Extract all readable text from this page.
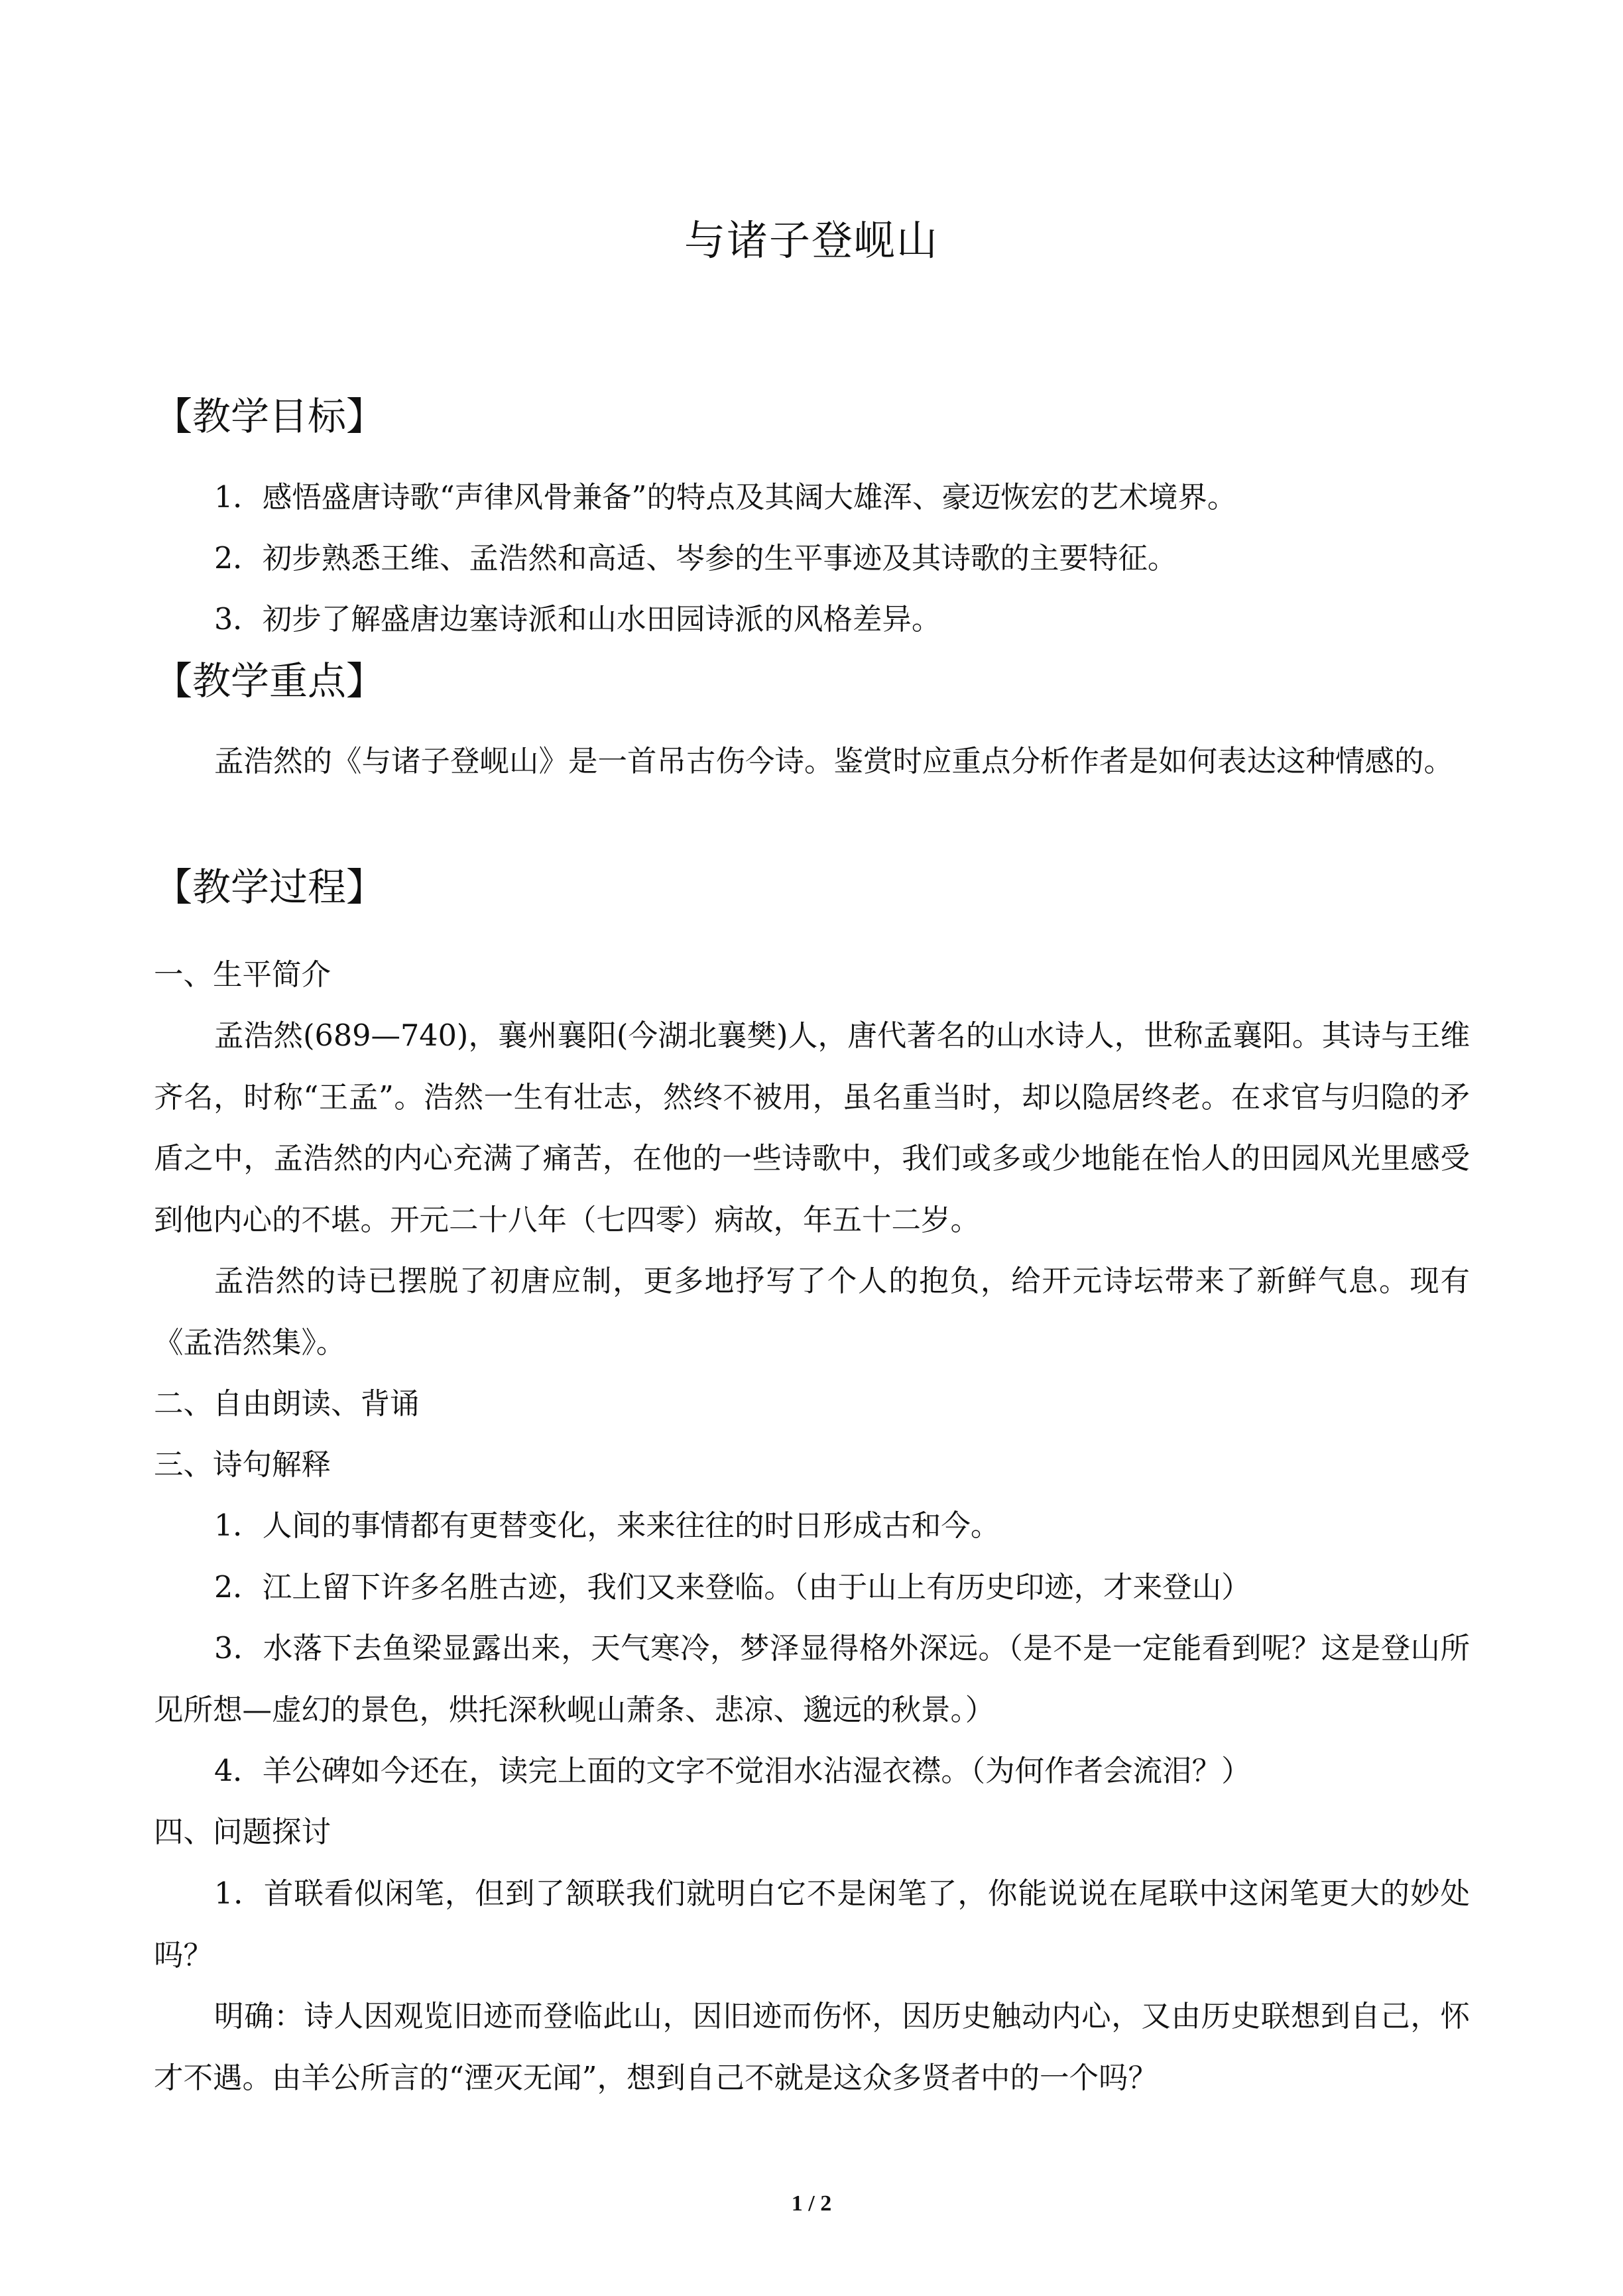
与诸子登岘山
【教学目标】

1．感悟盛唐诗歌“声律风骨兼备”的特点及其阔大雄浑、豪迈恢宏的艺术境界。

2．初步熟悉王维、孟浩然和高适、岑参的生平事迹及其诗歌的主要特征。

3．初步了解盛唐边塞诗派和山水田园诗派的风格差异。

【教学重点】

孟浩然的《与诸子登岘山》是一首吊古伤今诗。鉴赏时应重点分析作者是如何表达这种情感的。

【教学过程】

一、生平简介

孟浩然(689—740)，襄州襄阳(今湖北襄樊)人，唐代著名的山水诗人，世称孟襄阳。其诗与王维齐名，时称“王孟”。浩然一生有壮志，然终不被用，虽名重当时，却以隐居终老。在求官与归隐的矛盾之中，孟浩然的内心充满了痛苦，在他的一些诗歌中，我们或多或少地能在怡人的田园风光里感受到他内心的不堪。开元二十八年（七四零）病故，年五十二岁。

孟浩然的诗已摆脱了初唐应制，更多地抒写了个人的抱负，给开元诗坛带来了新鲜气息。现有《孟浩然集》。

二、自由朗读、背诵

三、诗句解释

1．人间的事情都有更替变化，来来往往的时日形成古和今。

2．江上留下许多名胜古迹，我们又来登临。（由于山上有历史印迹，才来登山）

3．水落下去鱼梁显露出来，天气寒冷，梦泽显得格外深远。（是不是一定能看到呢？这是登山所见所想—虚幻的景色，烘托深秋岘山萧条、悲凉、邈远的秋景。）

4．羊公碑如今还在，读完上面的文字不觉泪水沾湿衣襟。（为何作者会流泪？）

四、问题探讨

1．首联看似闲笔，但到了颔联我们就明白它不是闲笔了，你能说说在尾联中这闲笔更大的妙处吗？

明确：诗人因观览旧迹而登临此山，因旧迹而伤怀，因历史触动内心，又由历史联想到自己，怀才不遇。由羊公所言的“湮灭无闻”，想到自己不就是这众多贤者中的一个吗？

1 / 2
